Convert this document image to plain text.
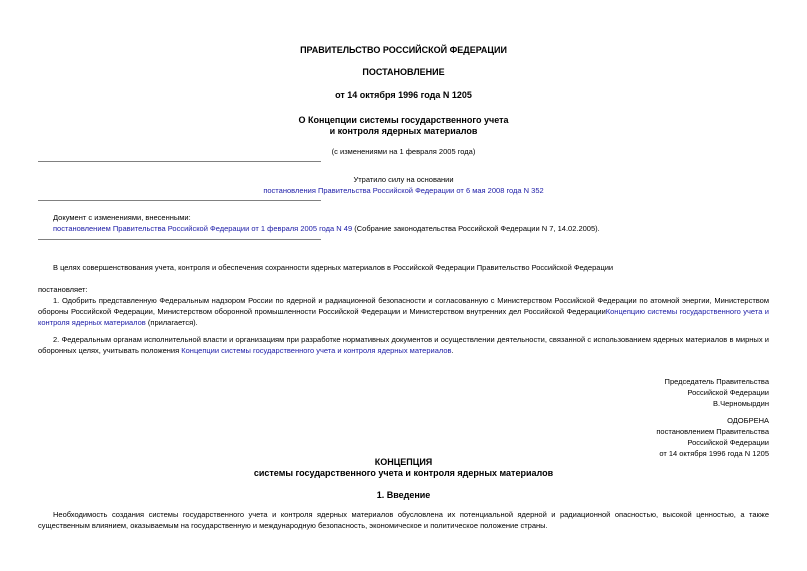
ПРАВИТЕЛЬСТВО РОССИЙСКОЙ ФЕДЕРАЦИИ
ПОСТАНОВЛЕНИЕ
от 14 октября 1996 года N 1205
О Концепции системы государственного учета
и контроля ядерных материалов
(с изменениями на 1 февраля 2005 года)
Утратило силу на основании
постановления Правительства Российской Федерации от 6 мая 2008 года N 352
Документ с изменениями, внесенными:
постановлением Правительства Российской Федерации от 1 февраля 2005 года N 49 (Собрание законодательства Российской Федерации N 7, 14.02.2005).
В целях совершенствования учета, контроля и обеспечения сохранности ядерных материалов в Российской Федерации Правительство Российской Федерации
постановляет:
1. Одобрить представленную Федеральным надзором России по ядерной и радиационной безопасности и согласованную с Министерством Российской Федерации по атомной энергии, Министерством обороны Российской Федерации, Министерством оборонной промышленности Российской Федерации и Министерством внутренних дел Российской ФедерацииКонцепцию системы государственного учета и контроля ядерных материалов (прилагается).
2. Федеральным органам исполнительной власти и организациям при разработке нормативных документов и осуществлении деятельности, связанной с использованием ядерных материалов в мирных и оборонных целях, учитывать положения Концепции системы государственного учета и контроля ядерных материалов.
Председатель Правительства
Российской Федерации
В.Черномырдин
ОДОБРЕНА
постановлением Правительства
Российской Федерации
от 14 октября 1996 года N 1205
КОНЦЕПЦИЯ
системы государственного учета и контроля ядерных материалов
1. Введение
Необходимость создания системы государственного учета и контроля ядерных материалов обусловлена их потенциальной ядерной и радиационной опасностью, высокой ценностью, а также существенным влиянием, оказываемым на государственную и международную безопасность, экономическое и политическое положение страны.
